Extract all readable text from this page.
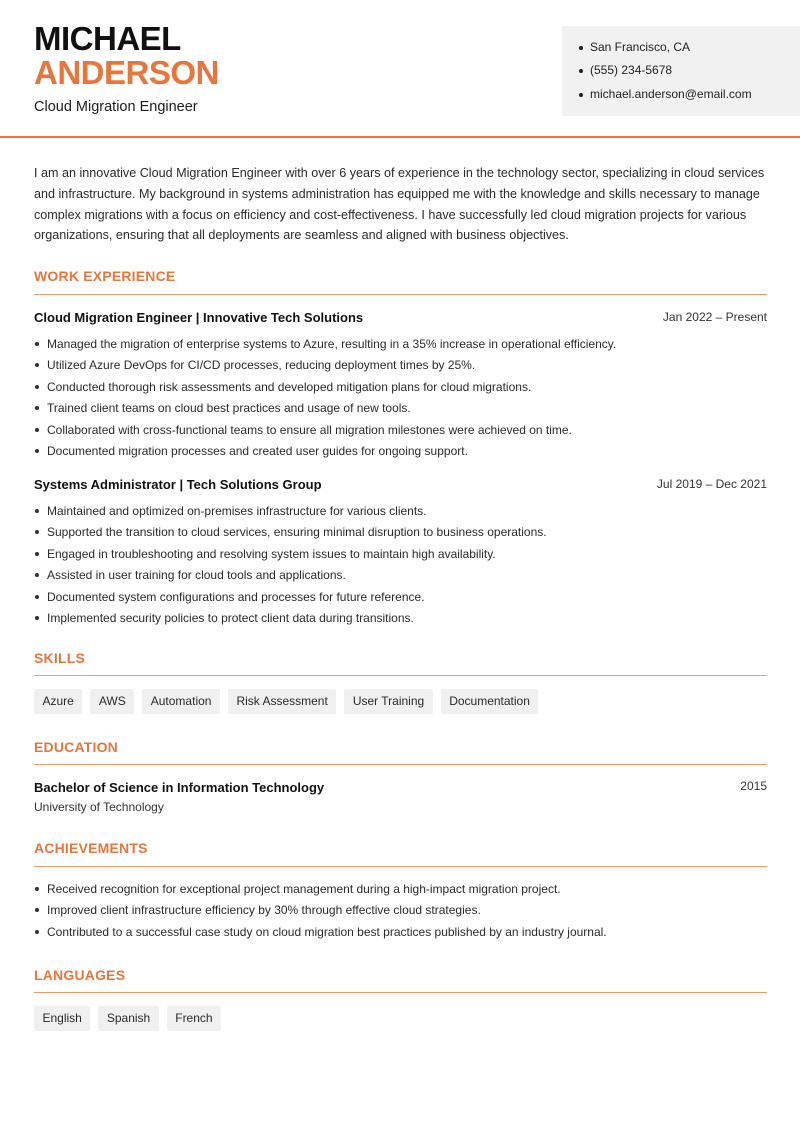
MICHAEL
ANDERSON
Cloud Migration Engineer
San Francisco, CA
(555) 234-5678
michael.anderson@email.com

I am an innovative Cloud Migration Engineer with over 6 years of experience in the technology sector, specializing in cloud services and infrastructure. My background in systems administration has equipped me with the knowledge and skills necessary to manage complex migrations with a focus on efficiency and cost-effectiveness. I have successfully led cloud migration projects for various organizations, ensuring that all deployments are seamless and aligned with business objectives.

WORK EXPERIENCE
Cloud Migration Engineer | Innovative Tech Solutions	Jan 2022 – Present
Managed the migration of enterprise systems to Azure, resulting in a 35% increase in operational efficiency.
Utilized Azure DevOps for CI/CD processes, reducing deployment times by 25%.
Conducted thorough risk assessments and developed mitigation plans for cloud migrations.
Trained client teams on cloud best practices and usage of new tools.
Collaborated with cross-functional teams to ensure all migration milestones were achieved on time.
Documented migration processes and created user guides for ongoing support.
Systems Administrator | Tech Solutions Group	Jul 2019 – Dec 2021
Maintained and optimized on-premises infrastructure for various clients.
Supported the transition to cloud services, ensuring minimal disruption to business operations.
Engaged in troubleshooting and resolving system issues to maintain high availability.
Assisted in user training for cloud tools and applications.
Documented system configurations and processes for future reference.
Implemented security policies to protect client data during transitions.
SKILLS
Azure	AWS	Automation	Risk Assessment	User Training	Documentation
EDUCATION
Bachelor of Science in Information Technology	2015
University of Technology
ACHIEVEMENTS
Received recognition for exceptional project management during a high-impact migration project.
Improved client infrastructure efficiency by 30% through effective cloud strategies.
Contributed to a successful case study on cloud migration best practices published by an industry journal.
LANGUAGES
English	Spanish	French
